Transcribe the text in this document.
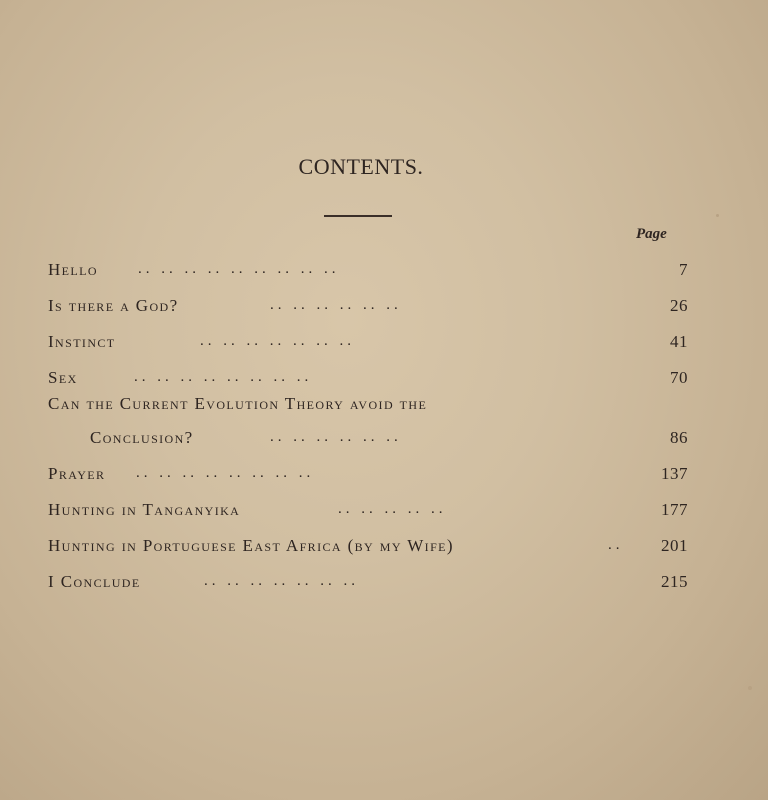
CONTENTS.
Page
Hello	.. .. .. .. .. .. .. .. ..	7
Is there a God?	.. .. .. .. .. ..	26
Instinct	.. .. .. .. .. .. ..	41
Sex	.. .. .. .. .. .. .. ..	70
Can the Current Evolution Theory avoid the
Conclusion?	.. .. .. .. .. ..	86
Prayer .. .. .. .. .. .. .. ..	137
Hunting in Tanganyika	.. .. .. .. ..	177
Hunting in Portuguese East Africa (by my Wife)	.. 201
I Conclude	.. .. .. .. .. .. ..	215
